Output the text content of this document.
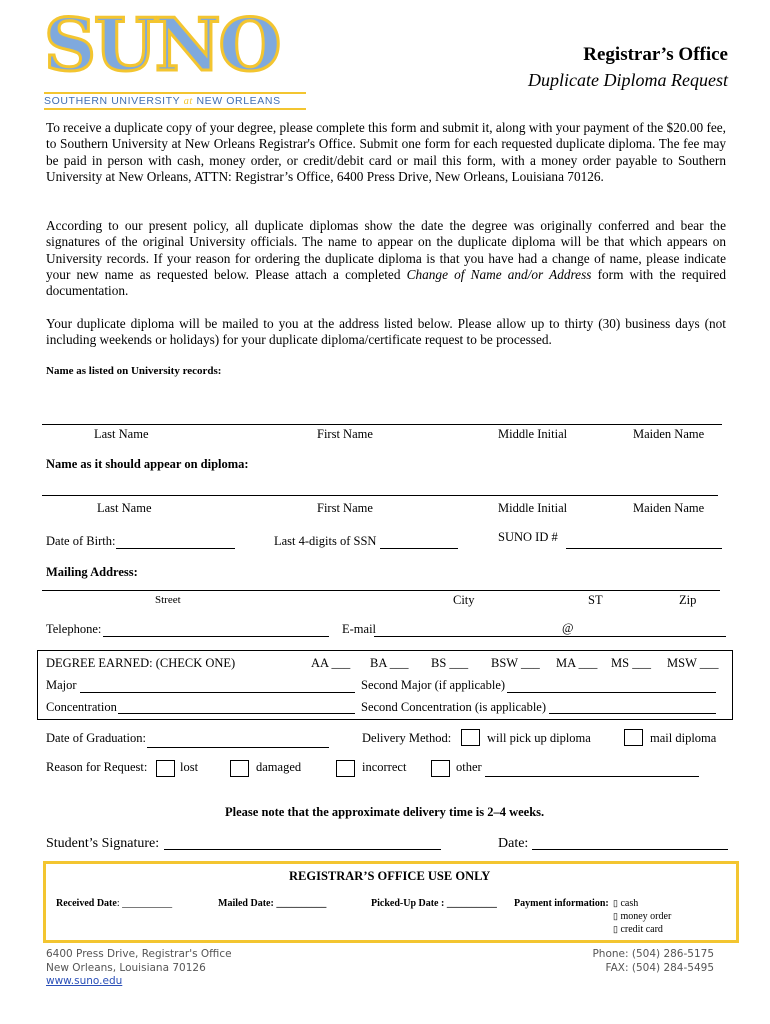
SUNO
SOUTHERN UNIVERSITY at NEW ORLEANS
Registrar’s Office
Duplicate Diploma Request
To receive a duplicate copy of your degree, please complete this form and submit it, along with your payment of the $20.00 fee, to Southern University at New Orleans Registrar's Office. Submit one form for each requested duplicate diploma. The fee may be paid in person with cash, money order, or credit/debit card or mail this form, with a money order payable to Southern University at New Orleans, ATTN: Registrar’s Office, 6400 Press Drive, New Orleans, Louisiana 70126.
According to our present policy, all duplicate diplomas show the date the degree was originally conferred and bear the signatures of the original University officials. The name to appear on the duplicate diploma will be that which appears on University records. If your reason for ordering the duplicate diploma is that you have had a change of name, please indicate your new name as requested below. Please attach a completed Change of Name and/or Address form with the required documentation.
Your duplicate diploma will be mailed to you at the address listed below. Please allow up to thirty (30) business days (not including weekends or holidays) for your duplicate diploma/certificate request to be processed.
Name as listed on University records:
Last Name	First Name	Middle Initial	Maiden Name
Name as it should appear on diploma:
Last Name	First Name	Middle Initial	Maiden Name
Date of Birth:	Last 4-digits of SSN	SUNO ID #
Mailing Address:
Street	City	ST	Zip
Telephone:	E-mail	@
DEGREE EARNED: (CHECK ONE)	AA ___ BA ___ BS ___ BSW ___ MA ___ MS ___ MSW ___
Major	Second Major (if applicable)
Concentration	Second Concentration (is applicable)
Date of Graduation:	Delivery Method:	will pick up diploma	mail diploma
Reason for Request:	lost	damaged	incorrect	other
Please note that the approximate delivery time is 2–4 weeks.
Student’s Signature:	Date:
REGISTRAR’S OFFICE USE ONLY
Received Date: __________	Mailed Date: __________	Picked-Up Date : __________ Payment information: ▯ cash
▯ money order
▯ credit card
6400 Press Drive, Registrar's Office
New Orleans, Louisiana 70126
www.suno.edu
Phone: (504) 286-5175
FAX: (504) 284-5495
